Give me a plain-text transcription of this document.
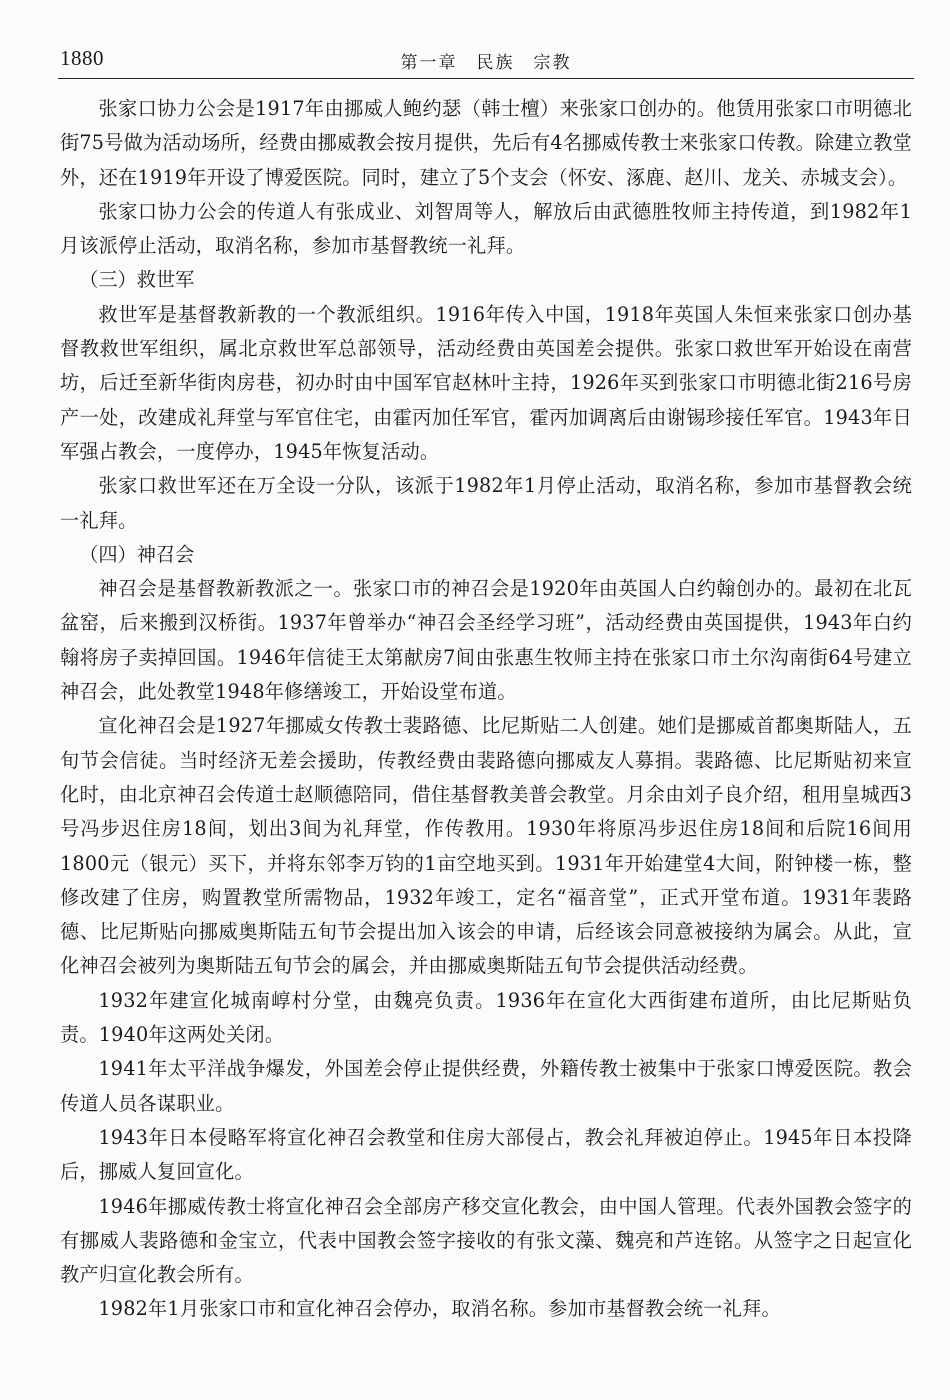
1880	第一章　民族　宗教

张家口协力公会是1917年由挪威人鲍约瑟（韩士檀）来张家口创办的。他赁用张家口市明德北街75号做为活动场所，经费由挪威教会按月提供，先后有4名挪威传教士来张家口传教。除建立教堂外，还在1919年开设了博爱医院。同时，建立了5个支会（怀安、涿鹿、赵川、龙关、赤城支会）。

张家口协力公会的传道人有张成业、刘智周等人，解放后由武德胜牧师主持传道，到1982年1月该派停止活动，取消名称，参加市基督教统一礼拜。

（三）救世军

救世军是基督教新教的一个教派组织。1916年传入中国，1918年英国人朱恒来张家口创办基督教救世军组织，属北京救世军总部领导，活动经费由英国差会提供。张家口救世军开始设在南营坊，后迁至新华街肉房巷，初办时由中国军官赵林叶主持，1926年买到张家口市明德北街216号房产一处，改建成礼拜堂与军官住宅，由霍丙加任军官，霍丙加调离后由谢锡珍接任军官。1943年日军强占教会，一度停办，1945年恢复活动。

张家口救世军还在万全设一分队，该派于1982年1月停止活动，取消名称，参加市基督教会统一礼拜。

（四）神召会

神召会是基督教新教派之一。张家口市的神召会是1920年由英国人白约翰创办的。最初在北瓦盆窑，后来搬到汉桥街。1937年曾举办“神召会圣经学习班”，活动经费由英国提供，1943年白约翰将房子卖掉回国。1946年信徒王太第献房7间由张惠生牧师主持在张家口市土尔沟南街64号建立神召会，此处教堂1948年修缮竣工，开始设堂布道。

宣化神召会是1927年挪威女传教士裴路德、比尼斯贴二人创建。她们是挪威首都奥斯陆人，五旬节会信徒。当时经济无差会援助，传教经费由裴路德向挪威友人募捐。裴路德、比尼斯贴初来宣化时，由北京神召会传道士赵顺德陪同，借住基督教美普会教堂。月余由刘子良介绍，租用皇城西3号冯步迟住房18间，划出3间为礼拜堂，作传教用。1930年将原冯步迟住房18间和后院16间用1800元（银元）买下，并将东邻李万钧的1亩空地买到。1931年开始建堂4大间，附钟楼一栋，整修改建了住房，购置教堂所需物品，1932年竣工，定名“福音堂”，正式开堂布道。1931年裴路德、比尼斯贴向挪威奥斯陆五旬节会提出加入该会的申请，后经该会同意被接纳为属会。从此，宣化神召会被列为奥斯陆五旬节会的属会，并由挪威奥斯陆五旬节会提供活动经费。

1932年建宣化城南崞村分堂，由魏亮负责。1936年在宣化大西街建布道所，由比尼斯贴负责。1940年这两处关闭。

1941年太平洋战争爆发，外国差会停止提供经费，外籍传教士被集中于张家口博爱医院。教会传道人员各谋职业。

1943年日本侵略军将宣化神召会教堂和住房大部侵占，教会礼拜被迫停止。1945年日本投降后，挪威人复回宣化。

1946年挪威传教士将宣化神召会全部房产移交宣化教会，由中国人管理。代表外国教会签字的有挪威人裴路德和金宝立，代表中国教会签字接收的有张文藻、魏亮和芦连铭。从签字之日起宣化教产归宣化教会所有。

1982年1月张家口市和宣化神召会停办，取消名称。参加市基督教会统一礼拜。
